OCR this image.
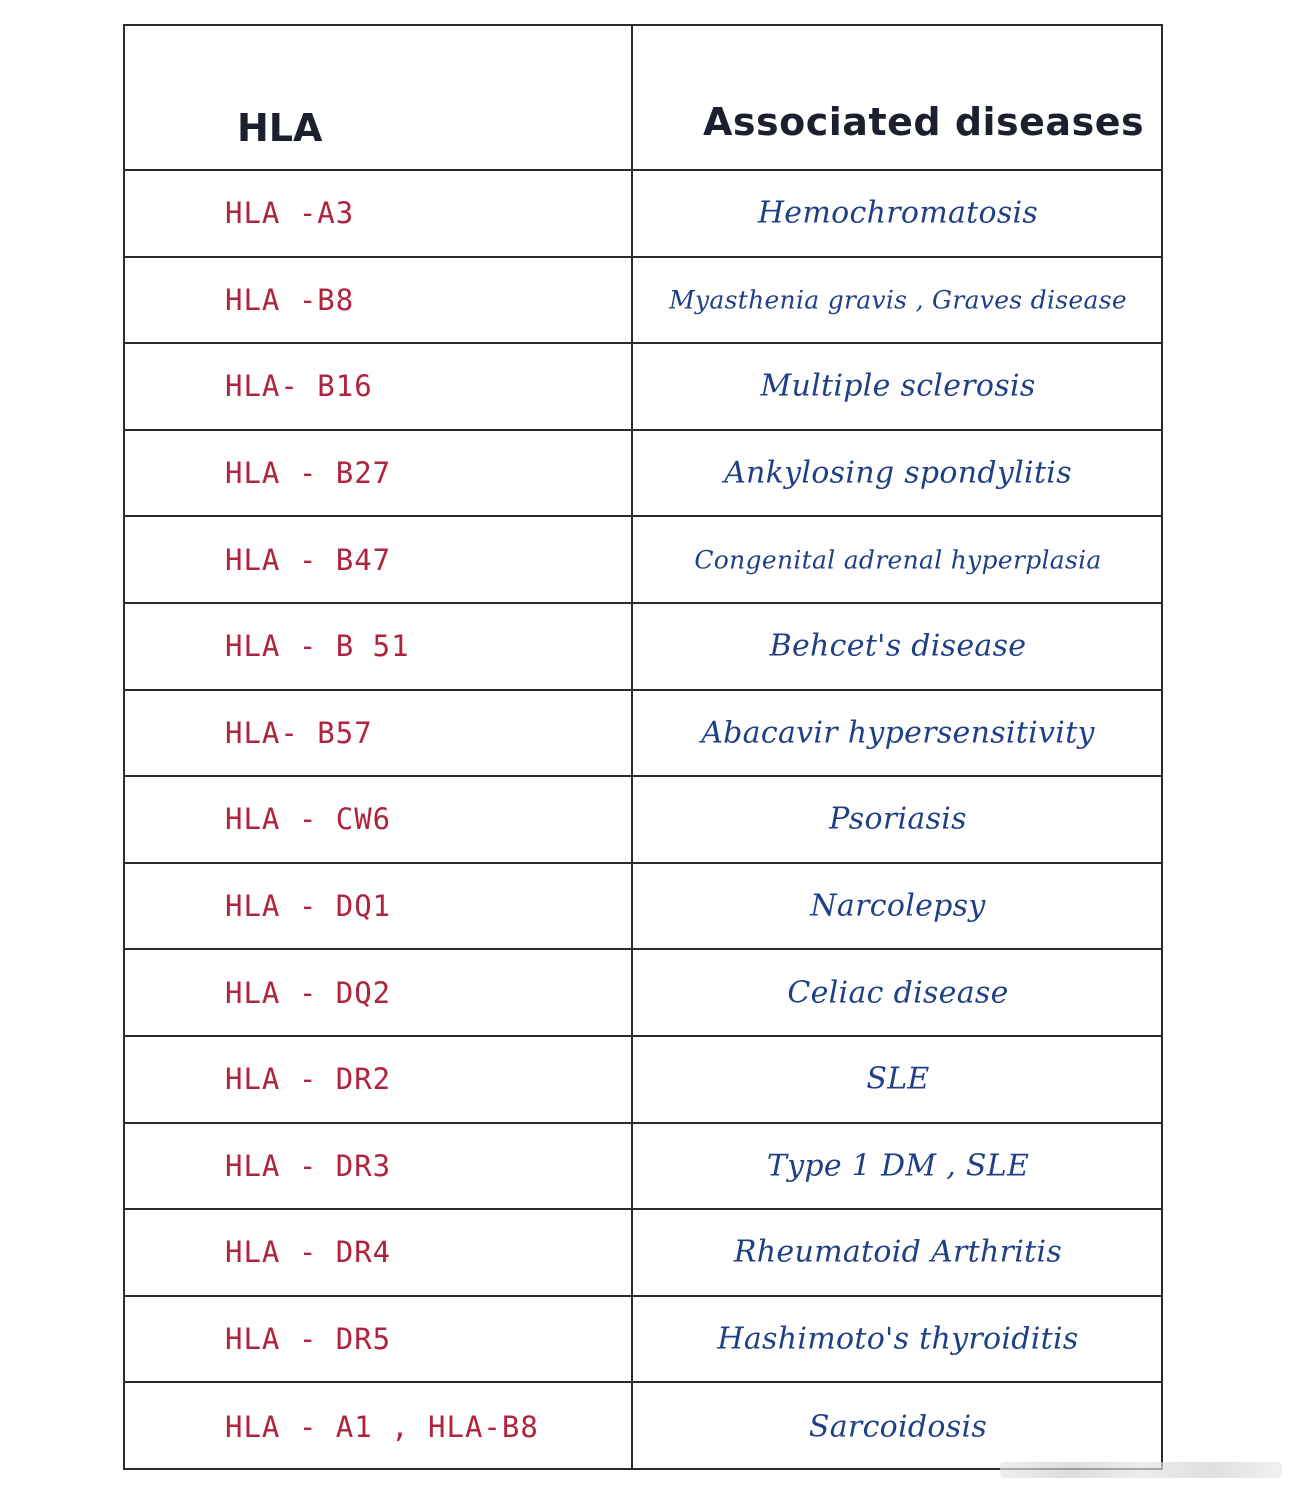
HLA	Associated diseases
HLA -A3	Hemochromatosis
HLA -B8	Myasthenia gravis , Graves disease
HLA- B16	Multiple sclerosis
HLA - B27	Ankylosing spondylitis
HLA - B47	Congenital adrenal hyperplasia
HLA - B 51	Behcet's disease
HLA- B57	Abacavir hypersensitivity
HLA - CW6	Psoriasis
HLA - DQ1	Narcolepsy
HLA - DQ2	Celiac disease
HLA - DR2	SLE
HLA - DR3	Type 1 DM , SLE
HLA - DR4	Rheumatoid Arthritis
HLA - DR5	Hashimoto's thyroiditis
HLA - A1 , HLA-B8	Sarcoidosis
